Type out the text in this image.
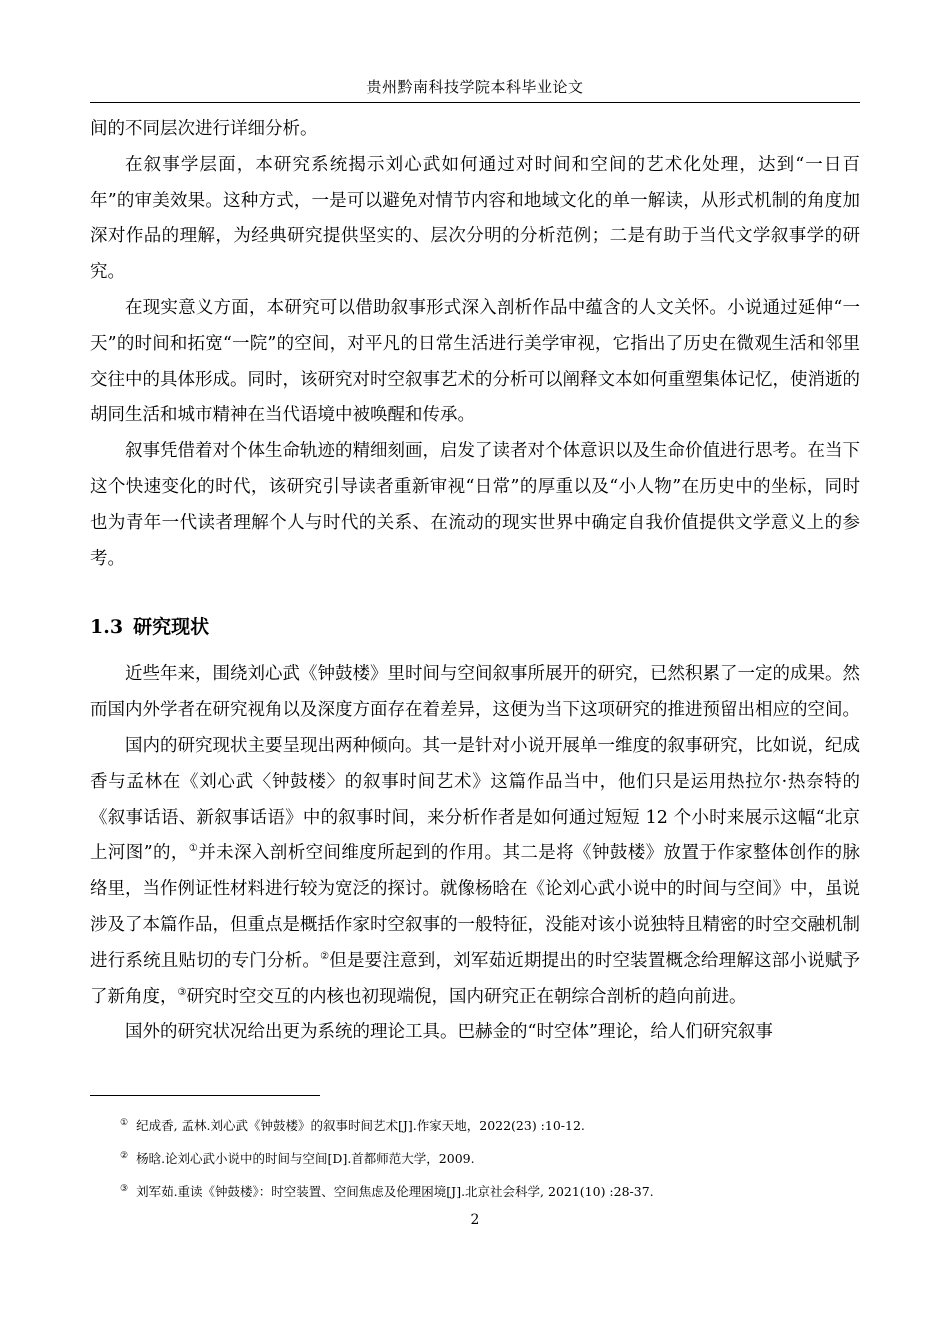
贵州黔南科技学院本科毕业论文

间的不同层次进行详细分析。

在叙事学层面，本研究系统揭示刘心武如何通过对时间和空间的艺术化处理，达到“一日百年”的审美效果。这种方式，一是可以避免对情节内容和地域文化的单一解读，从形式机制的角度加深对作品的理解，为经典研究提供坚实的、层次分明的分析范例；二是有助于当代文学叙事学的研究。

在现实意义方面，本研究可以借助叙事形式深入剖析作品中蕴含的人文关怀。小说通过延伸“一天”的时间和拓宽“一院”的空间，对平凡的日常生活进行美学审视，它指出了历史在微观生活和邻里交往中的具体形成。同时，该研究对时空叙事艺术的分析可以阐释文本如何重塑集体记忆，使消逝的胡同生活和城市精神在当代语境中被唤醒和传承。

叙事凭借着对个体生命轨迹的精细刻画，启发了读者对个体意识以及生命价值进行思考。在当下这个快速变化的时代，该研究引导读者重新审视“日常”的厚重以及“小人物”在历史中的坐标，同时也为青年一代读者理解个人与时代的关系、在流动的现实世界中确定自我价值提供文学意义上的参考。

1.3 研究现状

近些年来，围绕刘心武《钟鼓楼》里时间与空间叙事所展开的研究，已然积累了一定的成果。然而国内外学者在研究视角以及深度方面存在着差异，这便为当下这项研究的推进预留出相应的空间。

国内的研究现状主要呈现出两种倾向。其一是针对小说开展单一维度的叙事研究，比如说，纪成香与孟林在《刘心武〈钟鼓楼〉的叙事时间艺术》这篇作品当中，他们只是运用热拉尔·热奈特的《叙事话语、新叙事话语》中的叙事时间，来分析作者是如何通过短短 12 个小时来展示这幅“北京上河图”的，①并未深入剖析空间维度所起到的作用。其二是将《钟鼓楼》放置于作家整体创作的脉络里，当作例证性材料进行较为宽泛的探讨。就像杨晗在《论刘心武小说中的时间与空间》中，虽说涉及了本篇作品，但重点是概括作家时空叙事的一般特征，没能对该小说独特且精密的时空交融机制进行系统且贴切的专门分析。②但是要注意到，刘军茹近期提出的时空装置概念给理解这部小说赋予了新角度，③研究时空交互的内核也初现端倪，国内研究正在朝综合剖析的趋向前进。

国外的研究状况给出更为系统的理论工具。巴赫金的“时空体”理论，给人们研究叙事

① 纪成香, 孟林.刘心武《钟鼓楼》的叙事时间艺术[J].作家天地，2022(23) :10-12.

② 杨晗.论刘心武小说中的时间与空间[D].首都师范大学，2009.

③ 刘军茹.重读《钟鼓楼》：时空装置、空间焦虑及伦理困境[J].北京社会科学, 2021(10) :28-37.

2
